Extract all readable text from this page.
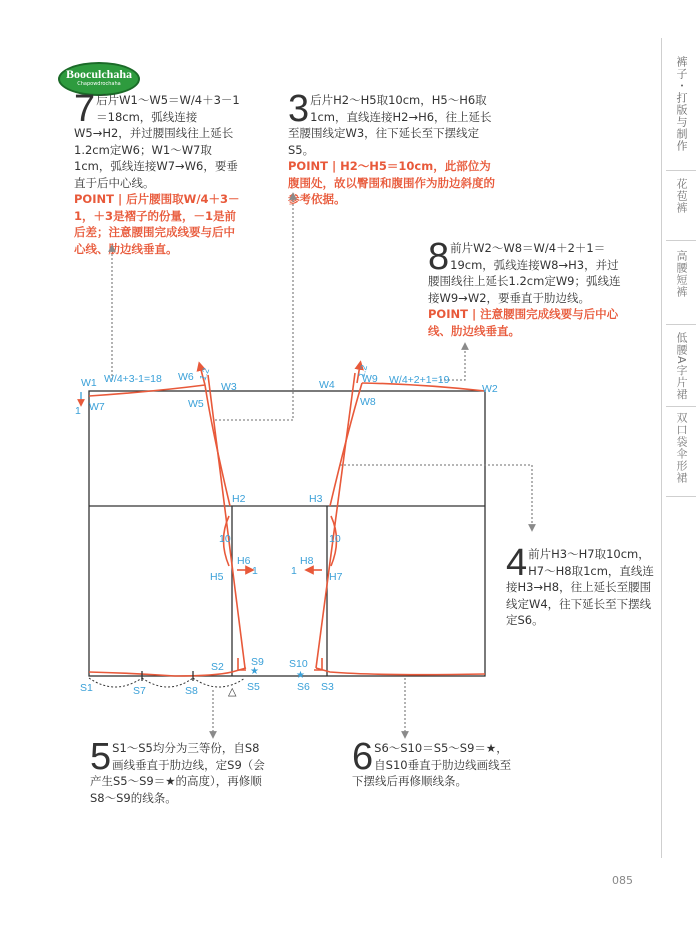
Booculchaha
Chapowdrochaha
7 后片W1～W5＝W/4＋3－1＝18cm，弧线连接W5→H2，并过腰围线往上延长1.2cm定W6；W1～W7取1cm，弧线连接W7→W6，要垂直于后中心线。
POINT | 后片腰围取W/4＋3－1，＋3是褶子的份量，－1是前后差；注意腰围完成线要与后中心线、肋边线垂直。
3 后片H2～H5取10cm，H5～H6取1cm，直线连接H2→H6，往上延长至腰围线定W3，往下延长至下摆线定S5。
POINT | H2～H5＝10cm，此部位为腹围处，故以臀围和腹围作为肋边斜度的参考依据。
8 前片W2～W8＝W/4＋2＋1＝19cm，弧线连接W8→H3，并过腰围线往上延长1.2cm定W9；弧线连接W9→W2，要垂直于肋边线。
POINT | 注意腰围完成线要与后中心线、肋边线垂直。
4 前片H3～H7取10cm，H7～H8取1cm，直线连接H3→H8，往上延长至腰围线定W4，往下延长至下摆线定S6。
5 S1～S5均分为三等份，自S8画线垂直于肋边线，定S9（会产生S5～S9＝★的高度），再修顺S8～S9的线条。
6 S6～S10＝S5～S9＝★，自S10垂直于肋边线画线至下摆线后再修顺线条。
△
★	★
W1
W7
1
W/4+3-1=18 W6
W5
W3
1.2
W4	W9
W8
1.2
W/4+2+1=19
W2
H2	H3
10	10
H6
H5	1
H8
H7
1
S1	S7	S8
S2	S9
S5
S10
S6 S3
裤子・打版与制作
花苞裤
高腰短裤
低腰A字片裙
双口袋伞形裙
085
